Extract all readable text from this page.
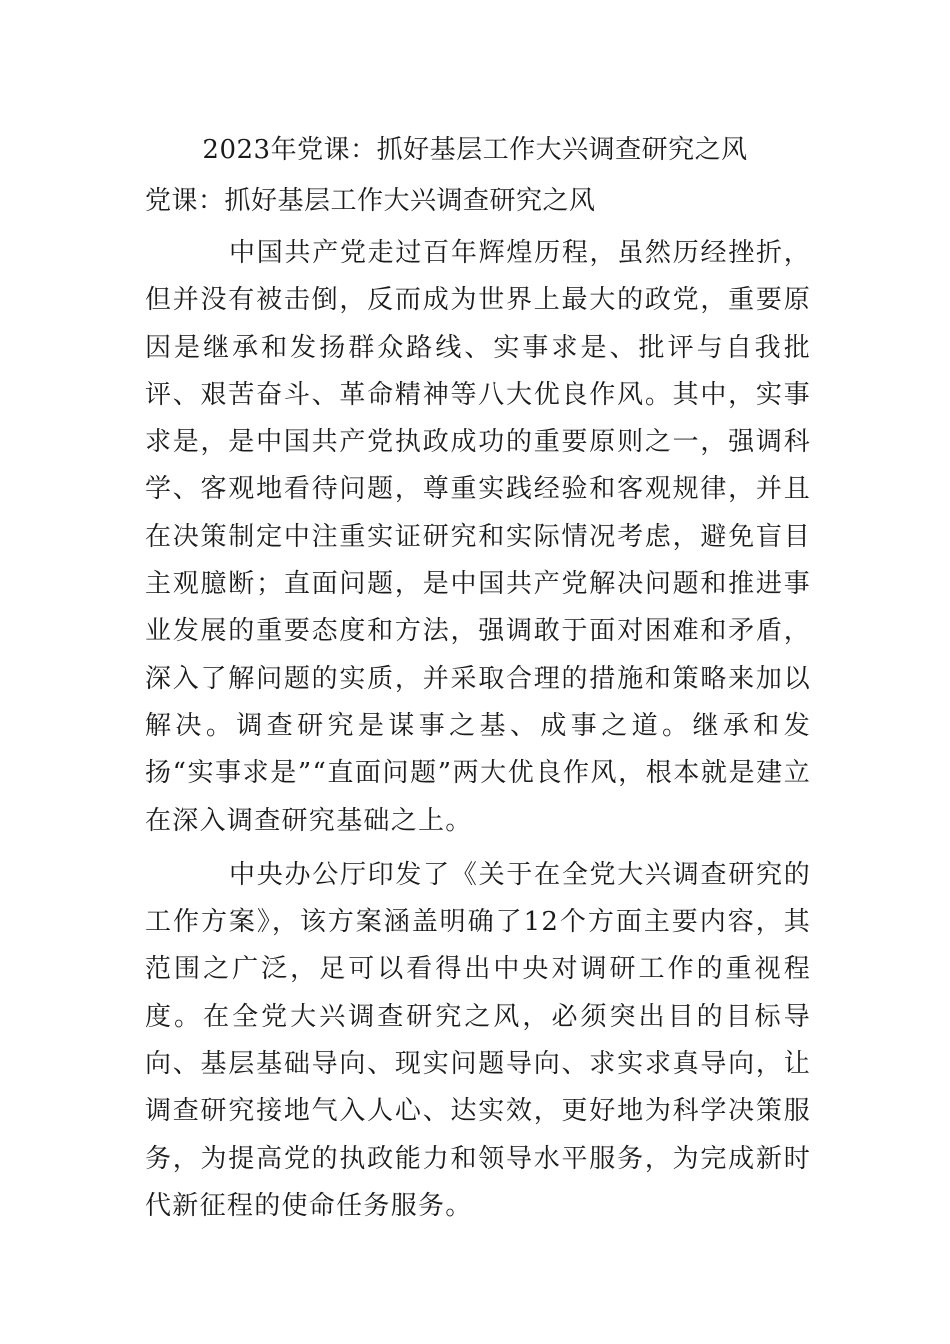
2023年党课：抓好基层工作大兴调查研究之风
党课：抓好基层工作大兴调查研究之风

中国共产党走过百年辉煌历程，虽然历经挫折，但并没有被击倒，反而成为世界上最大的政党，重要原因是继承和发扬群众路线、实事求是、批评与自我批评、艰苦奋斗、革命精神等八大优良作风。其中，实事求是，是中国共产党执政成功的重要原则之一，强调科学、客观地看待问题，尊重实践经验和客观规律，并且在决策制定中注重实证研究和实际情况考虑，避免盲目主观臆断；直面问题，是中国共产党解决问题和推进事业发展的重要态度和方法，强调敢于面对困难和矛盾，深入了解问题的实质，并采取合理的措施和策略来加以解决。调查研究是谋事之基、成事之道。继承和发扬“实事求是”“直面问题”两大优良作风，根本就是建立在深入调查研究基础之上。

中央办公厅印发了《关于在全党大兴调查研究的工作方案》，该方案涵盖明确了12个方面主要内容，其范围之广泛，足可以看得出中央对调研工作的重视程度。在全党大兴调查研究之风，必须突出目的目标导向、基层基础导向、现实问题导向、求实求真导向，让调查研究接地气入人心、达实效，更好地为科学决策服务，为提高党的执政能力和领导水平服务，为完成新时代新征程的使命任务服务。
